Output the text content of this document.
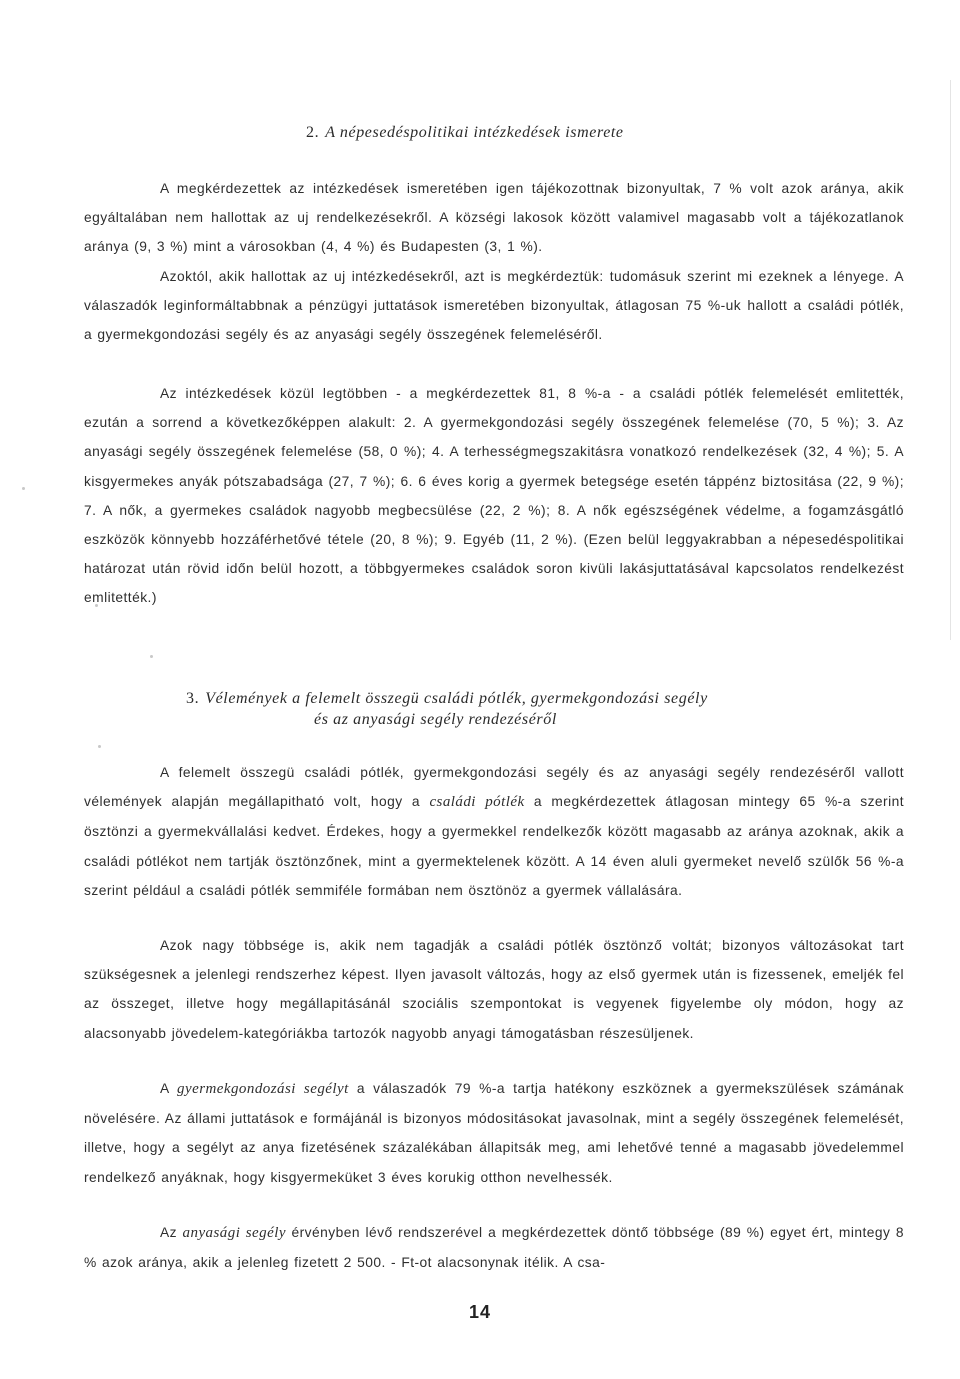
2. A népesedéspolitikai intézkedések ismerete

A megkérdezettek az intézkedések ismeretében igen tájékozottnak bizonyultak, 7 % volt azok aránya, akik egyáltalában nem hallottak az uj rendelkezésekről. A községi lakosok között valamivel magasabb volt a tájékozatlanok aránya (9, 3 %) mint a városokban (4, 4 %) és Budapesten (3, 1 %).

Azoktól, akik hallottak az uj intézkedésekről, azt is megkérdeztük: tudomásuk szerint mi ezeknek a lényege. A válaszadók leginformáltabbnak a pénzügyi juttatások ismeretében bizonyultak, átlagosan 75 %-uk hallott a családi pótlék, a gyermekgondozási segély és az anyasági segély összegének felemeléséről.

Az intézkedések közül legtöbben - a megkérdezettek 81, 8 %-a - a családi pótlék felemelését emlitették, ezután a sorrend a következőképpen alakult: 2. A gyermekgondozási segély összegének felemelése (70, 5 %); 3. Az anyasági segély összegének felemelése (58, 0 %); 4. A terhességmegszakitásra vonatkozó rendelkezések (32, 4 %); 5. A kisgyermekes anyák pótszabadsága (27, 7 %); 6. 6 éves korig a gyermek betegsége esetén táppénz biztositása (22, 9 %); 7. A nők, a gyermekes családok nagyobb megbecsülése (22, 2 %); 8. A nők egészségének védelme, a fogamzásgátló eszközök könnyebb hozzáférhetővé tétele (20, 8 %); 9. Egyéb (11, 2 %). (Ezen belül leggyakrabban a népesedéspolitikai határozat után rövid időn belül hozott, a többgyermekes családok soron kivüli lakásjuttatásával kapcsolatos rendelkezést emlitették.)

3. Vélemények a felemelt összegü családi pótlék, gyermekgondozási segély
és az anyasági segély rendezéséről

A felemelt összegü családi pótlék, gyermekgondozási segély és az anyasági segély rendezéséről vallott vélemények alapján megállapitható volt, hogy a családi pótlék a megkérdezettek átlagosan mintegy 65 %-a szerint ösztönzi a gyermekvállalási kedvet. Érdekes, hogy a gyermekkel rendelkezők között magasabb az aránya azoknak, akik a családi pótlékot nem tartják ösztönzőnek, mint a gyermektelenek között. A 14 éven aluli gyermeket nevelő szülők 56 %-a szerint például a családi pótlék semmiféle formában nem ösztönöz a gyermek vállalására.

Azok nagy többsége is, akik nem tagadják a családi pótlék ösztönző voltát; bizonyos változásokat tart szükségesnek a jelenlegi rendszerhez képest. Ilyen javasolt változás, hogy az első gyermek után is fizessenek, emeljék fel az összeget, illetve hogy megállapitásánál szociális szempontokat is vegyenek figyelembe oly módon, hogy az alacsonyabb jövedelem-kategóriákba tartozók nagyobb anyagi támogatásban részesüljenek.

A gyermekgondozási segélyt a válaszadók 79 %-a tartja hatékony eszköznek a gyermekszülések számának növelésére. Az állami juttatások e formájánál is bizonyos módositásokat javasolnak, mint a segély összegének felemelését, illetve, hogy a segélyt az anya fizetésének százalékában állapitsák meg, ami lehetővé tenné a magasabb jövedelemmel rendelkező anyáknak, hogy kisgyermeküket 3 éves korukig otthon nevelhessék.

Az anyasági segély érvényben lévő rendszerével a megkérdezettek döntő többsége (89 %) egyet ért, mintegy 8 % azok aránya, akik a jelenleg fizetett 2 500. - Ft-ot alacsonynak itélik. A csa-

14
